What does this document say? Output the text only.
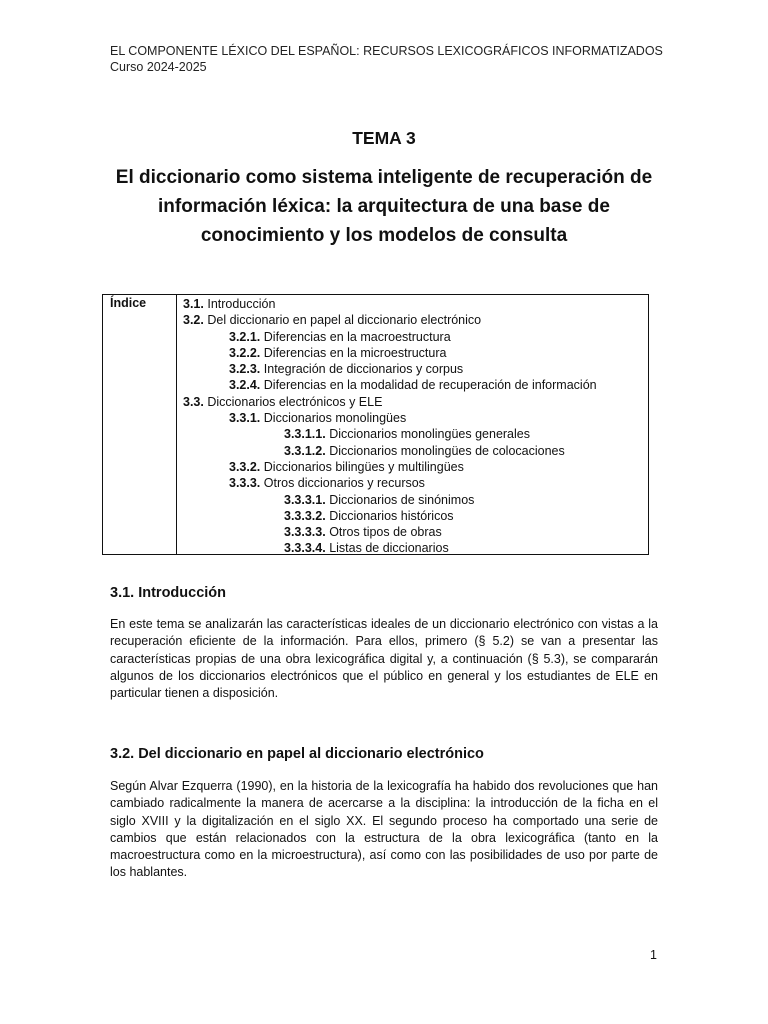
EL COMPONENTE LÉXICO DEL ESPAÑOL: RECURSOS LEXICOGRÁFICOS INFORMATIZADOS
Curso 2024-2025
TEMA 3
El diccionario como sistema inteligente de recuperación de información léxica: la arquitectura de una base de conocimiento y los modelos de consulta
Índice	3.1. Introducción
3.2. Del diccionario en papel al diccionario electrónico
3.2.1. Diferencias en la macroestructura
3.2.2. Diferencias en la microestructura
3.2.3. Integración de diccionarios y corpus
3.2.4. Diferencias en la modalidad de recuperación de información
3.3. Diccionarios electrónicos y ELE
3.3.1. Diccionarios monolingües
3.3.1.1. Diccionarios monolingües generales
3.3.1.2. Diccionarios monolingües de colocaciones
3.3.2. Diccionarios bilingües y multilingües
3.3.3. Otros diccionarios y recursos
3.3.3.1. Diccionarios de sinónimos
3.3.3.2. Diccionarios históricos
3.3.3.3. Otros tipos de obras
3.3.3.4. Listas de diccionarios
3.1. Introducción

En este tema se analizarán las características ideales de un diccionario electrónico con vistas a la recuperación eficiente de la información. Para ellos, primero (§ 5.2) se van a presentar las características propias de una obra lexicográfica digital y, a continuación (§ 5.3), se compararán algunos de los diccionarios electrónicos que el público en general y los estudiantes de ELE en particular tienen a disposición.

3.2. Del diccionario en papel al diccionario electrónico

Según Alvar Ezquerra (1990), en la historia de la lexicografía ha habido dos revoluciones que han cambiado radicalmente la manera de acercarse a la disciplina: la introducción de la ficha en el siglo XVIII y la digitalización en el siglo XX. El segundo proceso ha comportado una serie de cambios que están relacionados con la estructura de la obra lexicográfica (tanto en la macroestructura como en la microestructura), así como con las posibilidades de uso por parte de los hablantes.

1
